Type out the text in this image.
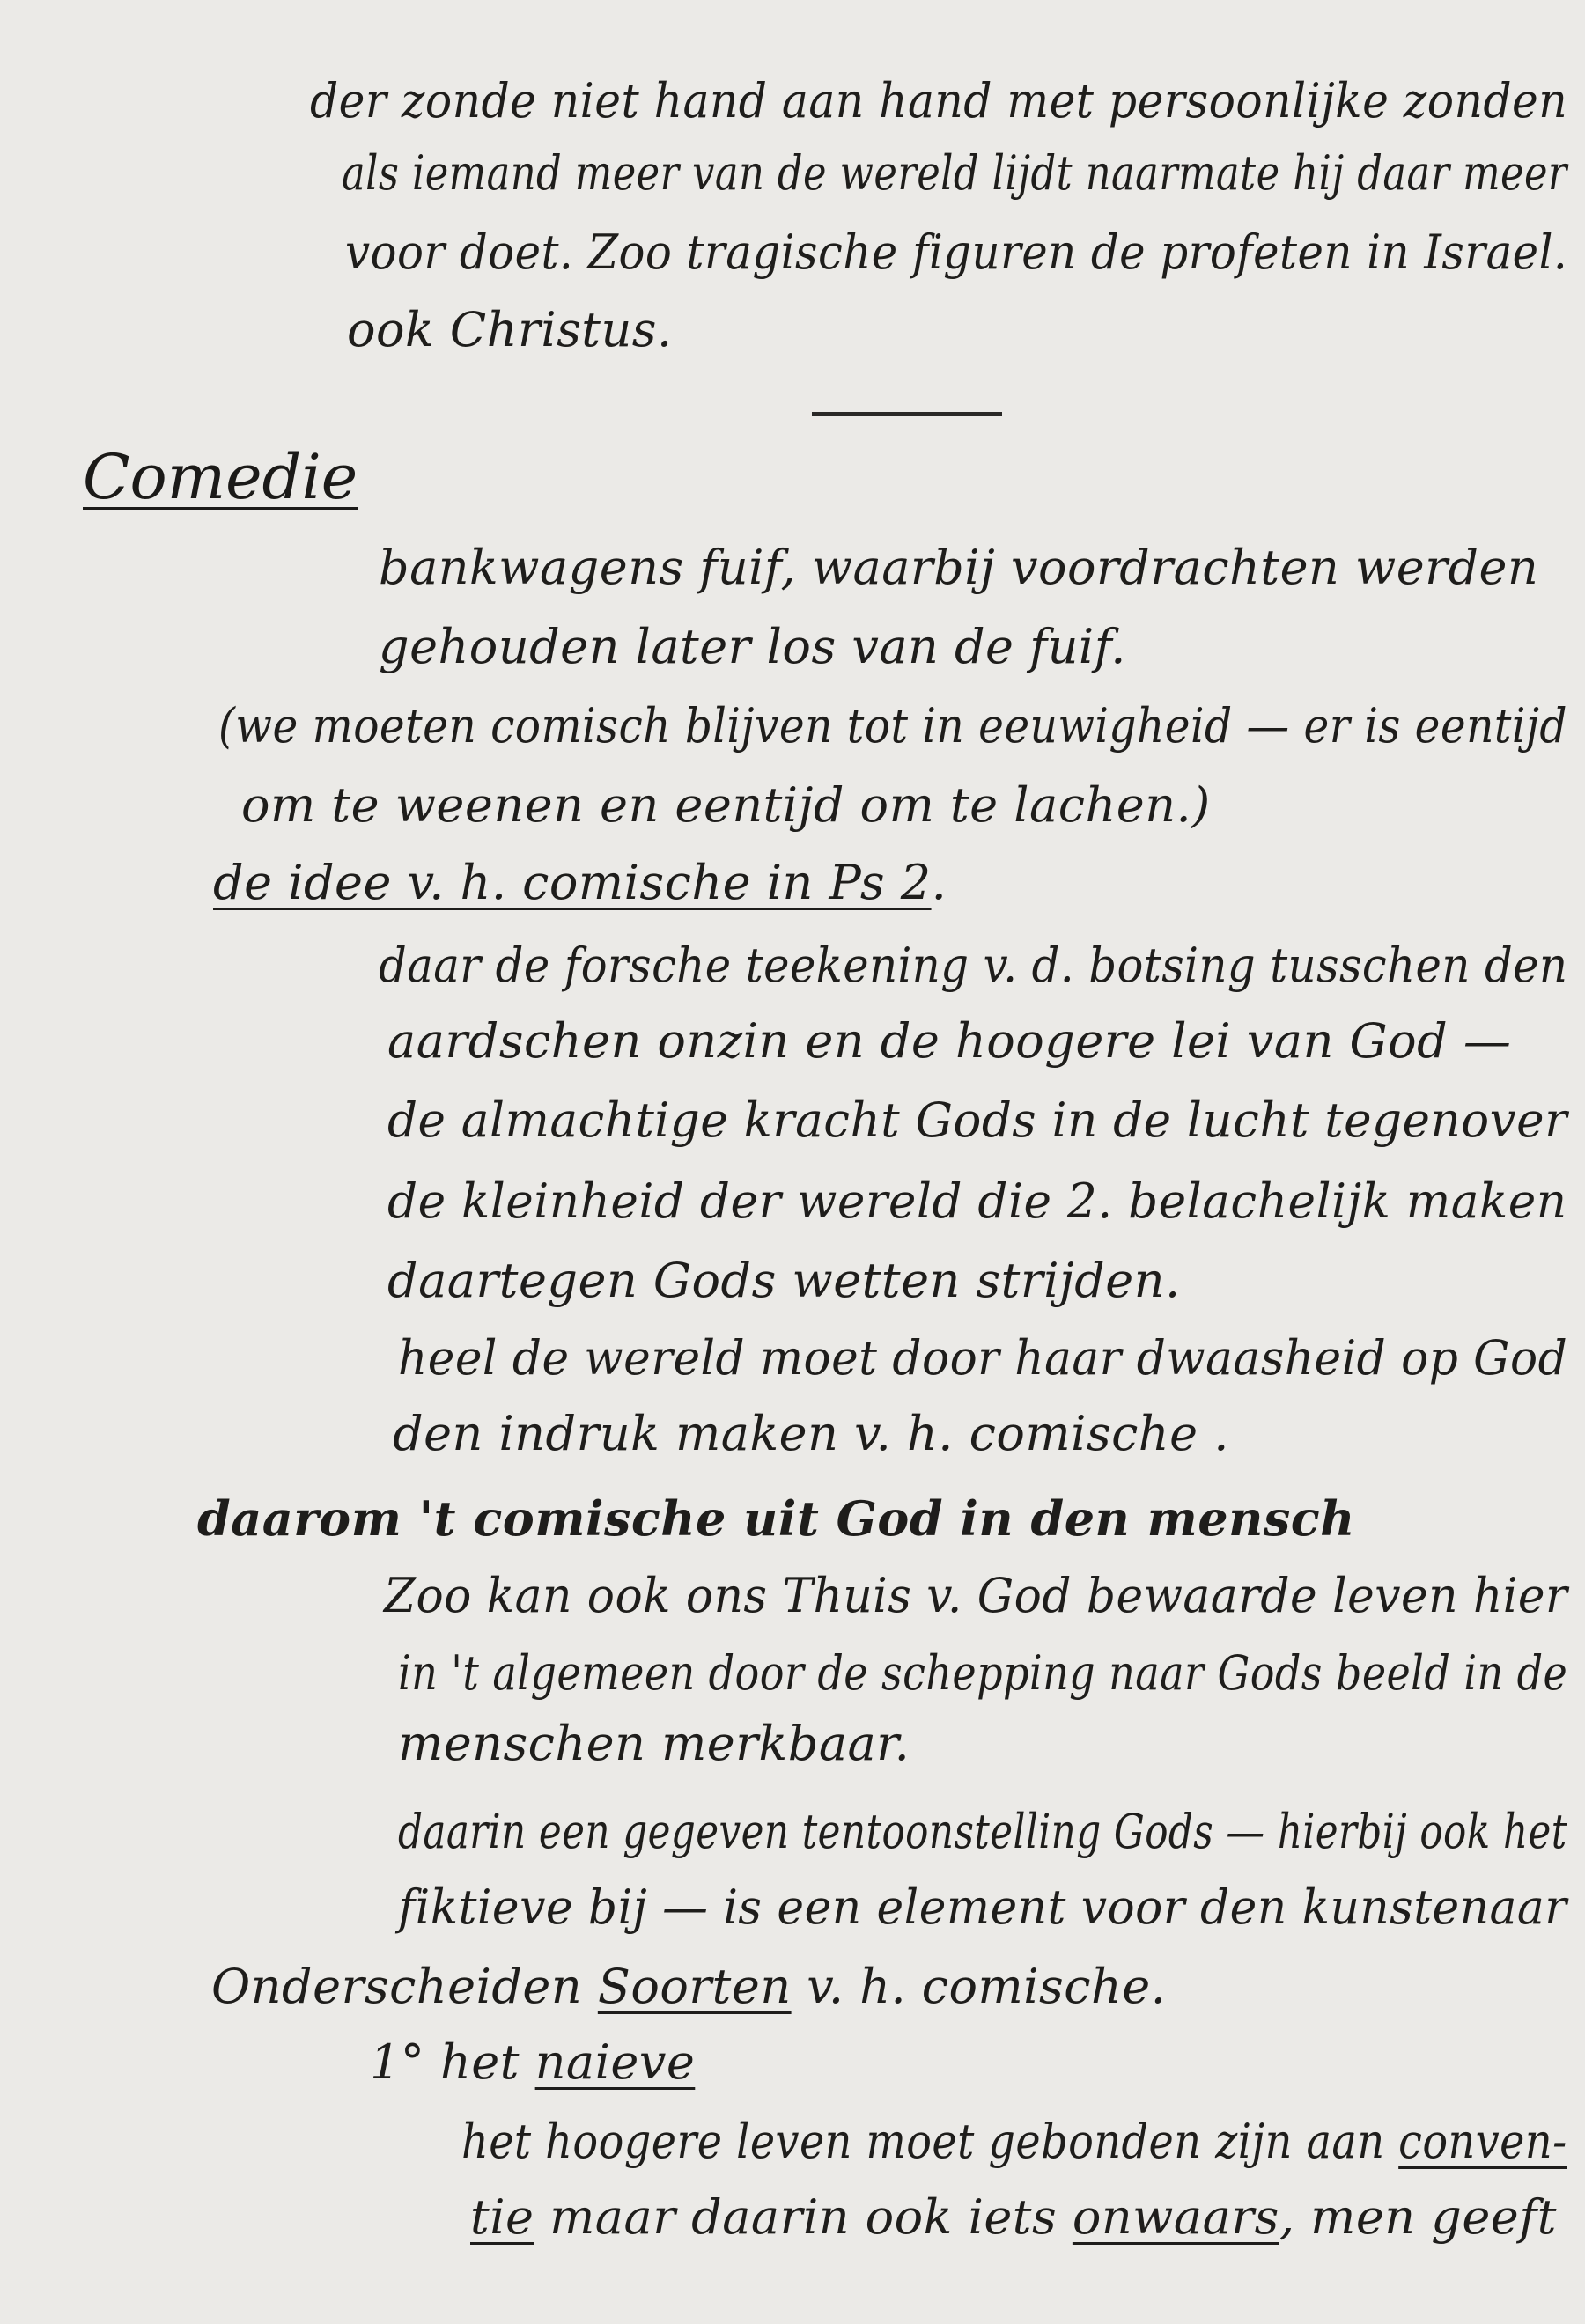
der zonde niet hand aan hand met persoonlijke zonden
als iemand meer van de wereld lijdt naarmate hij daar meer
voor doet. Zoo tragische figuren de profeten in Israel.
ook Christus.
Comedie
bankwagens fuif, waarbij voordrachten werden
gehouden later los van de fuif.
(we moeten comisch blijven tot in eeuwigheid — er is eentijd
om te weenen en eentijd om te lachen.)
de idee v. h. comische in Ps 2.
daar de forsche teekening v. d. botsing tusschen den
aardschen onzin en de hoogere lei van God —
de almachtige kracht Gods in de lucht tegenover
de kleinheid der wereld die 2. belachelijk maken
daartegen Gods wetten strijden.
heel de wereld moet door haar dwaasheid op God
den indruk maken v. h. comische .
daarom 't comische uit God in den mensch
Zoo kan ook ons Thuis v. God bewaarde leven hier
in 't algemeen door de schepping naar Gods beeld in de
menschen merkbaar.
daarin een gegeven tentoonstelling Gods — hierbij ook het
fiktieve bij — is een element voor den kunstenaar
Onderscheiden Soorten v. h. comische.
1° het naieve
het hoogere leven moet gebonden zijn aan conven-
tie maar daarin ook iets onwaars, men geeft
